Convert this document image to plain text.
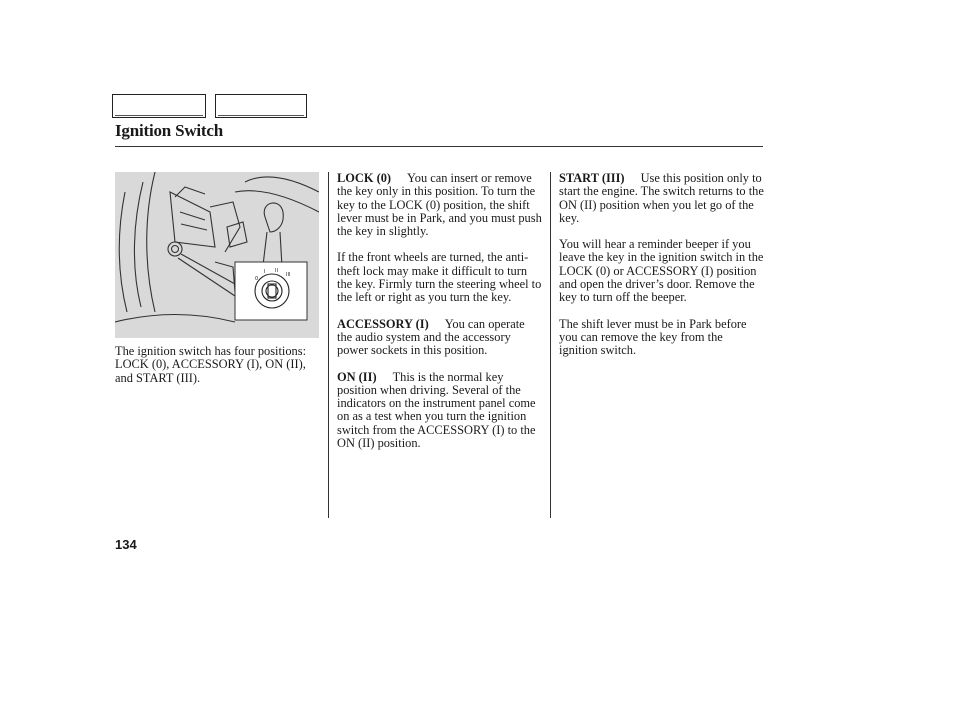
Ignition Switch
0
I II
III

The ignition switch has four positions: LOCK (0), ACCESSORY (I), ON (II), and START (III).

LOCK (0) You can insert or remove the key only in this position. To turn the key to the LOCK (0) position, the shift lever must be in Park, and you must push the key in slightly.

If the front wheels are turned, the anti-theft lock may make it difficult to turn the key. Firmly turn the steering wheel to the left or right as you turn the key.

ACCESSORY (I) You can operate the audio system and the accessory power sockets in this position.

ON (II) This is the normal key position when driving. Several of the indicators on the instrument panel come on as a test when you turn the ignition switch from the ACCESSORY (I) to the ON (II) position.

START (III) Use this position only to start the engine. The switch returns to the ON (II) position when you let go of the key.

You will hear a reminder beeper if you leave the key in the ignition switch in the LOCK (0) or ACCESSORY (I) position and open the driver’s door. Remove the key to turn off the beeper.

The shift lever must be in Park before you can remove the key from the ignition switch.

134
